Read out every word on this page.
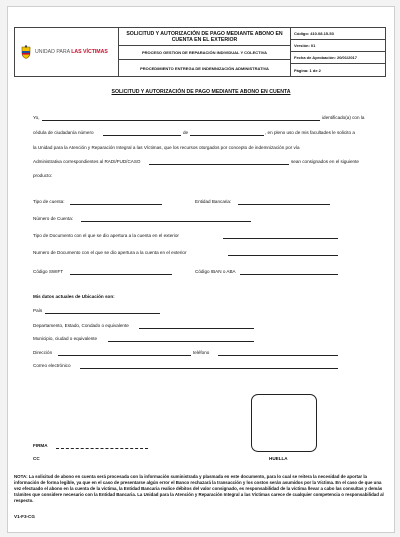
UNIDAD PARA LAS VÍCTIMAS
SOLICITUD Y AUTORIZACIÓN DE PAGO MEDIANTE ABONO EN CUENTA EN EL EXTERIOR
PROCESO GESTION DE REPARACIÓN INDIVIDUAL Y COLECTIVA
PROCEDIMIENTO ENTREGA DE INDEMNIZACIÓN ADMINISTRATIVA
Código: 410.08.15-53
Versión: 01
Fecha de Aprobación: 20/01/2017
Página: 1 de 2
SOLICITUD Y AUTORIZACIÓN DE PAGO MEDIANTE ABONO EN CUENTA
Yo,	identificado(a) con la
cédula de ciudadanía número	de	, en pleno uso de mis facultades le solicito a
la Unidad para la Atención y Reparación Integral a las Víctimas, que los recursos otorgados por concepto de indemnización por vía
Administrativa correspondientes al RADI/FUD/CASO	sean consignados en el siguiente
producto:
Tipo de cuenta:	Entidad Bancaria:
Número de Cuenta:
Tipo de Documento con el que se dio apertura a la cuenta en el exterior
Numero de Documento con el que se dio apertura a la cuenta en el exterior
Código SWIFT	Código IBAN o ABA
Mis datos actuales de Ubicación son:
País
Departamento, Estado, Condado o equivalente
Municipio, ciudad o equivalente
Dirección	teléfono
Correo electrónico
FIRMA
CC	HUELLA
NOTA: La solicitud de abono en cuenta será procesada con la información suministrada y plasmada en este documento, para lo cual se reitera la necesidad de aportar la información de forma legible, ya que en el caso de presentarse algún error el Banco rechazará la transacción y los costos serán asumidos por la Víctima. En el caso de que una vez efectuado el abono en la cuenta de la víctima, la Entidad Bancaria realice débitos del valor consignado, es responsabilidad de la víctima llevar a cabo las consultas y demás trámites que considere necesario con la Entidad Bancaria. La Unidad para la Atención y Reparación Integral a las Víctimas carece de cualquier competencia o responsabilidad al respecto.
V1-F3-CG
